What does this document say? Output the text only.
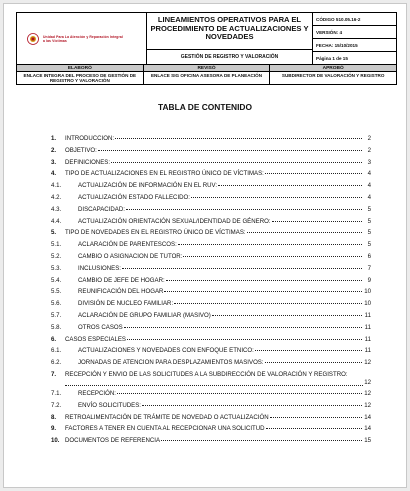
Unidad Para La Atención y Reparación Integral a las Víctimas
LINEAMIENTOS OPERATIVOS PARA EL PROCEDIMIENTO DE ACTUALIZACIONES Y NOVEDADES
GESTIÓN DE REGISTRO Y VALORACIÓN
CÓDIGO 510.05.16-2
VERSIÓN: 4
FECHA: 15/10/2015
Página 1 de 15
ELABORÓ
ENLACE INTEGRA DEL PROCESO DE GESTIÓN DE REGISTRO Y VALORACIÓN
REVISÓ
ENLACE SIG OFICINA ASESORA DE PLANEACIÓN
APROBÓ
SUBDIRECTOR DE VALORACIÓN Y REGISTRO
TABLA DE CONTENIDO
1. INTRODUCCION:	2
2. OBJETIVO:	2
3. DEFINICIONES:	3
4. TIPO DE ACTUALIZACIONES EN EL REGISTRO ÚNICO DE VÍCTIMAS:	4
4.1.	ACTUALIZACIÓN DE INFORMACIÓN EN EL RUV:	4
4.2.	ACTUALIZACIÓN ESTADO FALLECIDO:	4
4.3.	DISCAPACIDAD:	5
4.4.	ACTUALIZACIÓN ORIENTACIÓN SEXUAL/IDENTIDAD DE GÉNERO:	5
5. TIPO DE NOVEDADES EN EL REGISTRO ÚNICO DE VÍCTIMAS:	5
5.1.	ACLARACIÓN DE PARENTESCOS:	5
5.2.	CAMBIO O ASIGNACION DE TUTOR:	6
5.3.	INCLUSIONES:	7
5.4.	CAMBIO DE JEFE DE HOGAR:	9
5.5.	REUNIFICACIÓN DEL HOGAR	10
5.6.	DIVISIÓN DE NUCLEO FAMILIAR:	10
5.7.	ACLARACIÓN DE GRUPO FAMILIAR (MASIVO)	11
5.8.	OTROS CASOS	11
6. CASOS ESPECIALES	11
6.1.	ACTUALIZACIONES Y NOVEDADES CON ENFOQUE ETNICO:	11
6.2.	JORNADAS DE ATENCION PARA DESPLAZAMIENTOS MASIVOS:	12
7. RECEPCIÓN Y ENVIO DE LAS SOLICITUDES A LA SUBDIRECCIÓN DE VALORACIÓN Y REGISTRO:
12
7.1.	RECEPCIÓN:	12
7.2.	ENVÍO SOLICITUDES:	12
8. RETROALIMENTACIÓN DE TRÁMITE DE NOVEDAD O ACTUALIZACIÓN	14
9. FACTORES A TENER EN CUENTA AL RECEPCIONAR UNA SOLICITUD	14
10. DOCUMENTOS DE REFERENCIA	15
